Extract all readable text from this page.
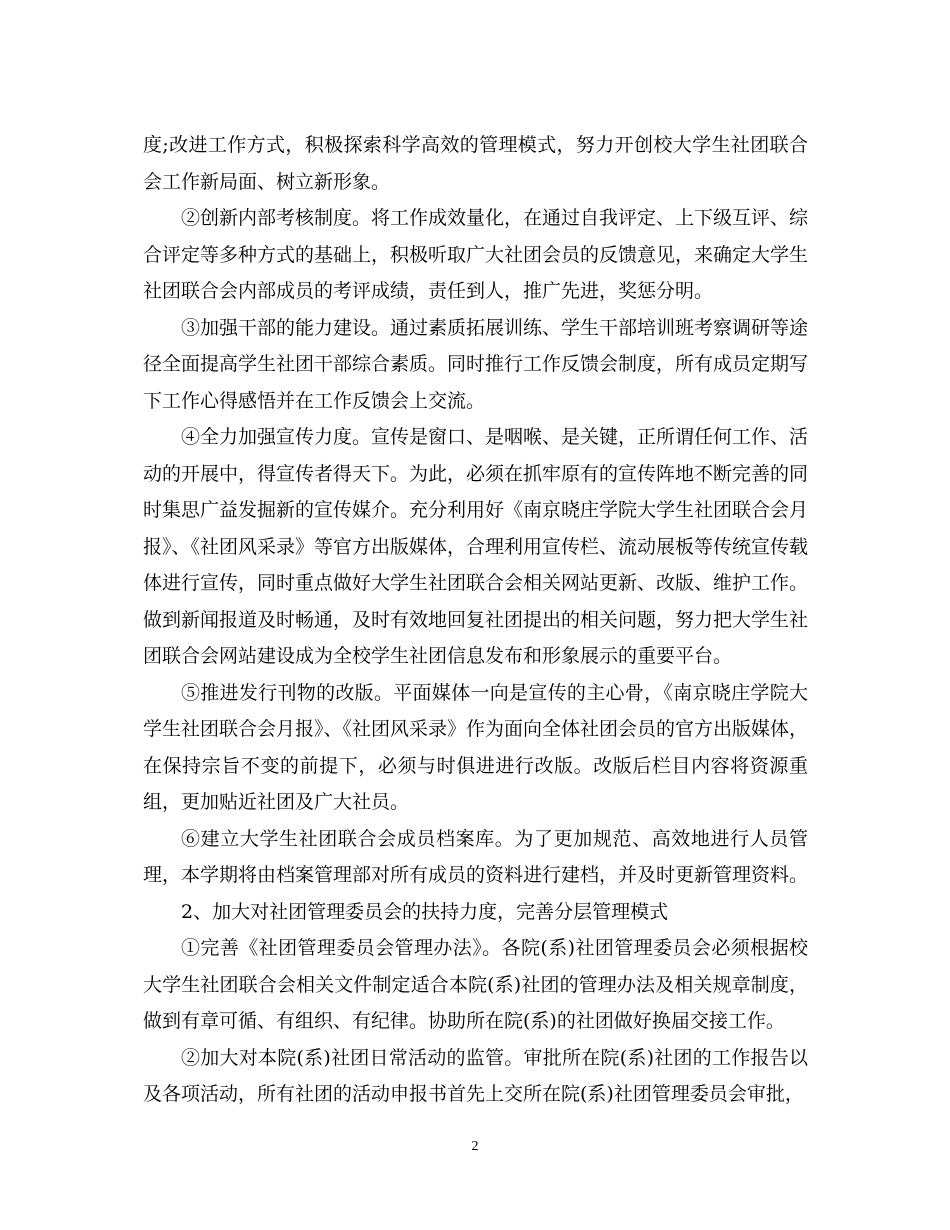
度;改进工作方式，积极探索科学高效的管理模式，努力开创校大学生社团联合会工作新局面、树立新形象。

②创新内部考核制度。将工作成效量化，在通过自我评定、上下级互评、综合评定等多种方式的基础上，积极听取广大社团会员的反馈意见，来确定大学生社团联合会内部成员的考评成绩，责任到人，推广先进，奖惩分明。

③加强干部的能力建设。通过素质拓展训练、学生干部培训班考察调研等途径全面提高学生社团干部综合素质。同时推行工作反馈会制度，所有成员定期写下工作心得感悟并在工作反馈会上交流。

④全力加强宣传力度。宣传是窗口、是咽喉、是关键，正所谓任何工作、活动的开展中，得宣传者得天下。为此，必须在抓牢原有的宣传阵地不断完善的同时集思广益发掘新的宣传媒介。充分利用好《南京晓庄学院大学生社团联合会月报》、《社团风采录》等官方出版媒体，合理利用宣传栏、流动展板等传统宣传载体进行宣传，同时重点做好大学生社团联合会相关网站更新、改版、维护工作。做到新闻报道及时畅通，及时有效地回复社团提出的相关问题，努力把大学生社团联合会网站建设成为全校学生社团信息发布和形象展示的重要平台。

⑤推进发行刊物的改版。平面媒体一向是宣传的主心骨，《南京晓庄学院大学生社团联合会月报》、《社团风采录》作为面向全体社团会员的官方出版媒体，在保持宗旨不变的前提下，必须与时俱进进行改版。改版后栏目内容将资源重组，更加贴近社团及广大社员。

⑥建立大学生社团联合会成员档案库。为了更加规范、高效地进行人员管理，本学期将由档案管理部对所有成员的资料进行建档，并及时更新管理资料。

2、加大对社团管理委员会的扶持力度，完善分层管理模式

①完善《社团管理委员会管理办法》。各院(系)社团管理委员会必须根据校大学生社团联合会相关文件制定适合本院(系)社团的管理办法及相关规章制度，做到有章可循、有组织、有纪律。协助所在院(系)的社团做好换届交接工作。

②加大对本院(系)社团日常活动的监管。审批所在院(系)社团的工作报告以及各项活动，所有社团的活动申报书首先上交所在院(系)社团管理委员会审批，

2
